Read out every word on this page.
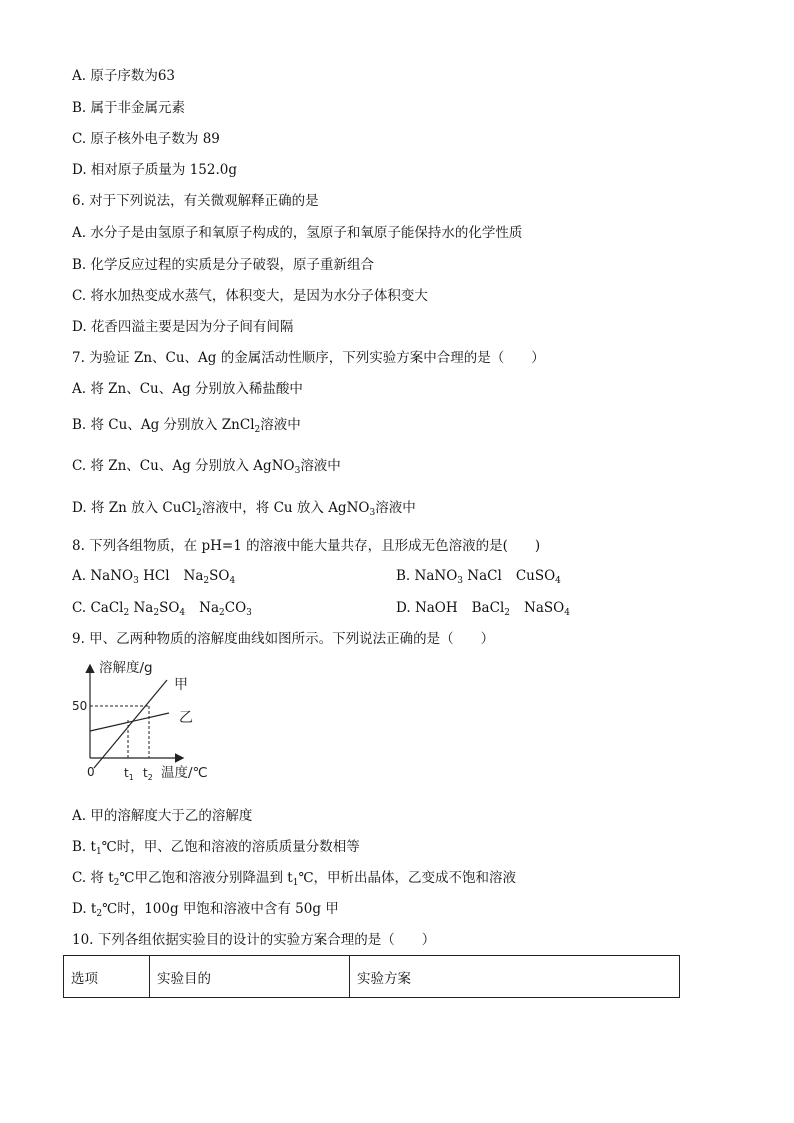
A. 原子序数为63
B. 属于非金属元素
C. 原子核外电子数为 89
D. 相对原子质量为 152.0g
6. 对于下列说法，有关微观解释正确的是
A. 水分子是由氢原子和氧原子构成的，氢原子和氧原子能保持水的化学性质
B. 化学反应过程的实质是分子破裂，原子重新组合
C. 将水加热变成水蒸气，体积变大，是因为水分子体积变大
D. 花香四溢主要是因为分子间有间隔
7. 为验证 Zn、Cu、Ag 的金属活动性顺序，下列实验方案中合理的是（　　）
A. 将 Zn、Cu、Ag 分别放入稀盐酸中
B. 将 Cu、Ag 分别放入 ZnCl$_2$溶液中
C. 将 Zn、Cu、Ag 分别放入 AgNO$_3$溶液中
D. 将 Zn 放入 CuCl$_2$溶液中，将 Cu 放入 AgNO$_3$溶液中
8. 下列各组物质，在 pH=1 的溶液中能大量共存，且形成无色溶液的是(　　)
A. NaNO$_3$ HCl $Na_2SO_4$	B. NaNO$_3$ NaCl CuSO$_4$
C. CaCl$_2$ $Na_2SO_4$ $Na_2CO_3$	D. NaOH BaCl$_2$ NaSO$_4$
9. 甲、乙两种物质的溶解度曲线如图所示。下列说法正确的是（　　）
溶解度/g
温度/℃
50
0 $t_1$ $t_2$
甲
乙
A. 甲的溶解度大于乙的溶解度
B. $t_1℃$时，甲、乙饱和溶液的溶质质量分数相等
C. 将 $t_2℃$甲乙饱和溶液分别降温到 $t_1℃$，甲析出晶体，乙变成不饱和溶液
D. $t_2℃$时，100g 甲饱和溶液中含有 50g 甲
10. 下列各组依据实验目的设计的实验方案合理的是（　　）
选项	实验目的	实验方案
